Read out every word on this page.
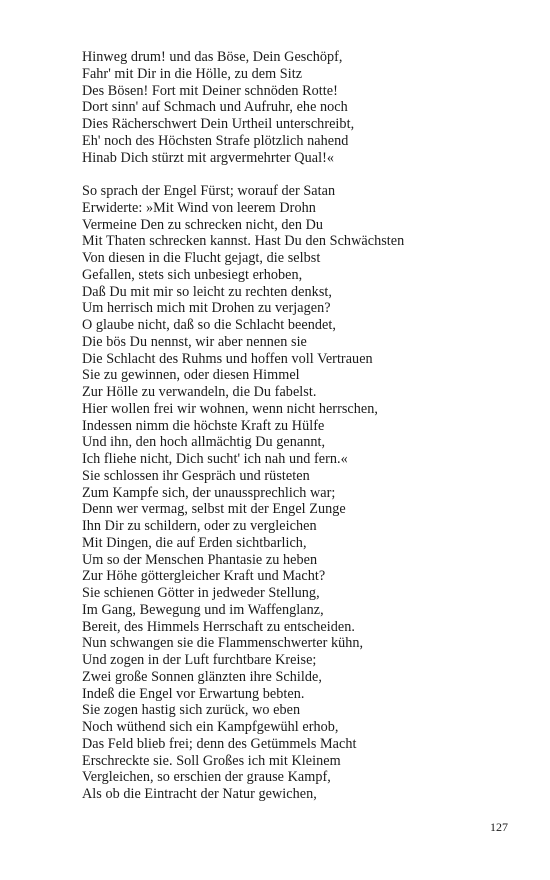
Hinweg drum! und das Böse, Dein Geschöpf,
Fahr' mit Dir in die Hölle, zu dem Sitz
Des Bösen! Fort mit Deiner schnöden Rotte!
Dort sinn' auf Schmach und Aufruhr, ehe noch
Dies Rächerschwert Dein Urtheil unterschreibt,
Eh' noch des Höchsten Strafe plötzlich nahend
Hinab Dich stürzt mit argvermehrter Qual!«
So sprach der Engel Fürst; worauf der Satan
Erwiderte: »Mit Wind von leerem Drohn
Vermeine Den zu schrecken nicht, den Du
Mit Thaten schrecken kannst. Hast Du den Schwächsten
Von diesen in die Flucht gejagt, die selbst
Gefallen, stets sich unbesiegt erhoben,
Daß Du mit mir so leicht zu rechten denkst,
Um herrisch mich mit Drohen zu verjagen?
O glaube nicht, daß so die Schlacht beendet,
Die bös Du nennst, wir aber nennen sie
Die Schlacht des Ruhms und hoffen voll Vertrauen
Sie zu gewinnen, oder diesen Himmel
Zur Hölle zu verwandeln, die Du fabelst.
Hier wollen frei wir wohnen, wenn nicht herrschen,
Indessen nimm die höchste Kraft zu Hülfe
Und ihn, den hoch allmächtig Du genannt,
Ich fliehe nicht, Dich sucht' ich nah und fern.«
Sie schlossen ihr Gespräch und rüsteten
Zum Kampfe sich, der unaussprechlich war;
Denn wer vermag, selbst mit der Engel Zunge
Ihn Dir zu schildern, oder zu vergleichen
Mit Dingen, die auf Erden sichtbarlich,
Um so der Menschen Phantasie zu heben
Zur Höhe göttergleicher Kraft und Macht?
Sie schienen Götter in jedweder Stellung,
Im Gang, Bewegung und im Waffenglanz,
Bereit, des Himmels Herrschaft zu entscheiden.
Nun schwangen sie die Flammenschwerter kühn,
Und zogen in der Luft furchtbare Kreise;
Zwei große Sonnen glänzten ihre Schilde,
Indeß die Engel vor Erwartung bebten.
Sie zogen hastig sich zurück, wo eben
Noch wüthend sich ein Kampfgewühl erhob,
Das Feld blieb frei; denn des Getümmels Macht
Erschreckte sie. Soll Großes ich mit Kleinem
Vergleichen, so erschien der grause Kampf,
Als ob die Eintracht der Natur gewichen,
127
